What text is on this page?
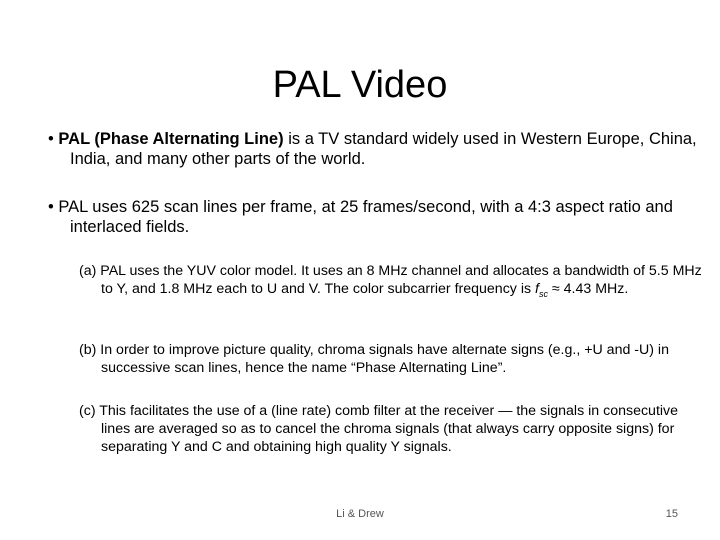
PAL Video
• PAL (Phase Alternating Line) is a TV standard widely used in Western Europe, China, India, and many other parts of the world.
• PAL uses 625 scan lines per frame, at 25 frames/second, with a 4:3 aspect ratio and interlaced fields.
(a) PAL uses the YUV color model. It uses an 8 MHz channel and allocates a bandwidth of 5.5 MHz to Y, and 1.8 MHz each to U and V. The color subcarrier frequency is $f_{sc} \approx 4.43$ MHz.
(b) In order to improve picture quality, chroma signals have alternate signs (e.g., +U and -U) in successive scan lines, hence the name “Phase Alternating Line”.
(c) This facilitates the use of a (line rate) comb filter at the receiver — the signals in consecutive lines are averaged so as to cancel the chroma signals (that always carry opposite signs) for separating Y and C and obtaining high quality Y signals.
Li & Drew	15
